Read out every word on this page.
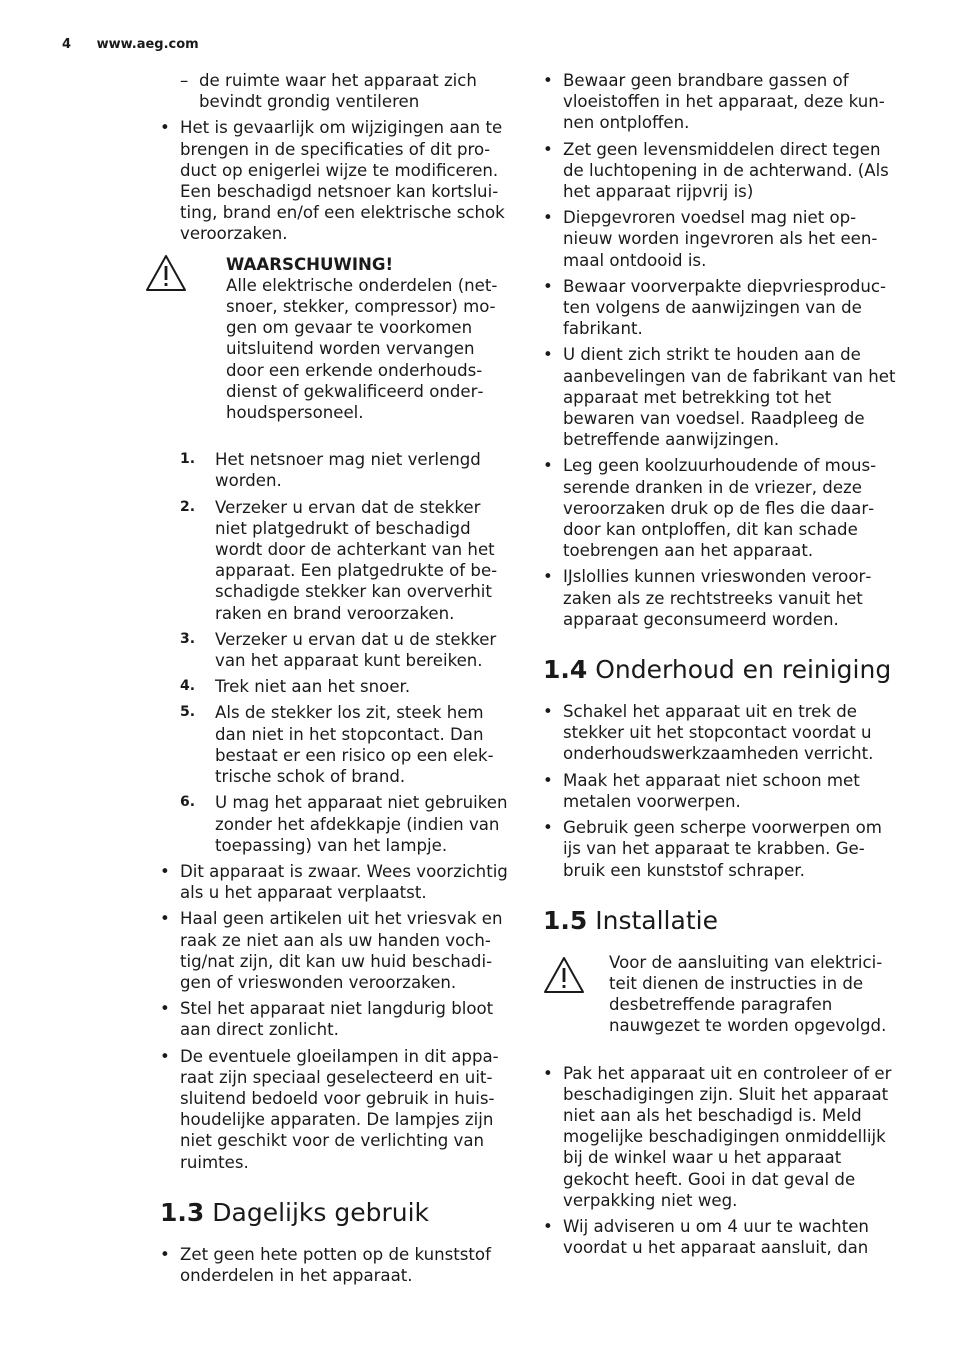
4 www.aeg.com
– de ruimte waar het apparaat zich bevindt grondig ventileren
• Het is gevaarlijk om wijzigingen aan te brengen in de specificaties of dit product op enigerlei wijze te modificeren. Een beschadigd netsnoer kan kortsluiting, brand en/of een elektrische schok veroorzaken.
WAARSCHUWING!
Alle elektrische onderdelen (netsnoer, stekker, compressor) mogen om gevaar te voorkomen uitsluitend worden vervangen door een erkende onderhoudsdienst of gekwalificeerd onderhoudspersoneel.
1. Het netsnoer mag niet verlengd worden.
2. Verzeker u ervan dat de stekker niet platgedrukt of beschadigd wordt door de achterkant van het apparaat. Een platgedrukte of beschadigde stekker kan oververhit raken en brand veroorzaken.
3. Verzeker u ervan dat u de stekker van het apparaat kunt bereiken.
4. Trek niet aan het snoer.
5. Als de stekker los zit, steek hem dan niet in het stopcontact. Dan bestaat er een risico op een elektrische schok of brand.
6. U mag het apparaat niet gebruiken zonder het afdekkapje (indien van toepassing) van het lampje.
• Dit apparaat is zwaar. Wees voorzichtig als u het apparaat verplaatst.
• Haal geen artikelen uit het vriesvak en raak ze niet aan als uw handen vochtig/nat zijn, dit kan uw huid beschadigen of vrieswonden veroorzaken.
• Stel het apparaat niet langdurig bloot aan direct zonlicht.
• De eventuele gloeilampen in dit apparaat zijn speciaal geselecteerd en uitsluitend bedoeld voor gebruik in huishoudelijke apparaten. De lampjes zijn niet geschikt voor de verlichting van ruimtes.
1.3 Dagelijks gebruik
• Zet geen hete potten op de kunststof onderdelen in het apparaat.
• Bewaar geen brandbare gassen of vloeistoffen in het apparaat, deze kunnen ontploffen.
• Zet geen levensmiddelen direct tegen de luchtopening in de achterwand. (Als het apparaat rijpvrij is)
• Diepgevroren voedsel mag niet opnieuw worden ingevroren als het eenmaal ontdooid is.
• Bewaar voorverpakte diepvriesproducten volgens de aanwijzingen van de fabrikant.
• U dient zich strikt te houden aan de aanbevelingen van de fabrikant van het apparaat met betrekking tot het bewaren van voedsel. Raadpleeg de betreffende aanwijzingen.
• Leg geen koolzuurhoudende of mousserende dranken in de vriezer, deze veroorzaken druk op de fles die daardoor kan ontploffen, dit kan schade toebrengen aan het apparaat.
• IJslollies kunnen vrieswonden veroorzaken als ze rechtstreeks vanuit het apparaat geconsumeerd worden.
1.4 Onderhoud en reiniging
• Schakel het apparaat uit en trek de stekker uit het stopcontact voordat u onderhoudswerkzaamheden verricht.
• Maak het apparaat niet schoon met metalen voorwerpen.
• Gebruik geen scherpe voorwerpen om ijs van het apparaat te krabben. Gebruik een kunststof schraper.
1.5 Installatie
Voor de aansluiting van elektriciteit dienen de instructies in de desbetreffende paragrafen nauwgezet te worden opgevolgd.
• Pak het apparaat uit en controleer of er beschadigingen zijn. Sluit het apparaat niet aan als het beschadigd is. Meld mogelijke beschadigingen onmiddellijk bij de winkel waar u het apparaat gekocht heeft. Gooi in dat geval de verpakking niet weg.
• Wij adviseren u om 4 uur te wachten voordat u het apparaat aansluit, dan
